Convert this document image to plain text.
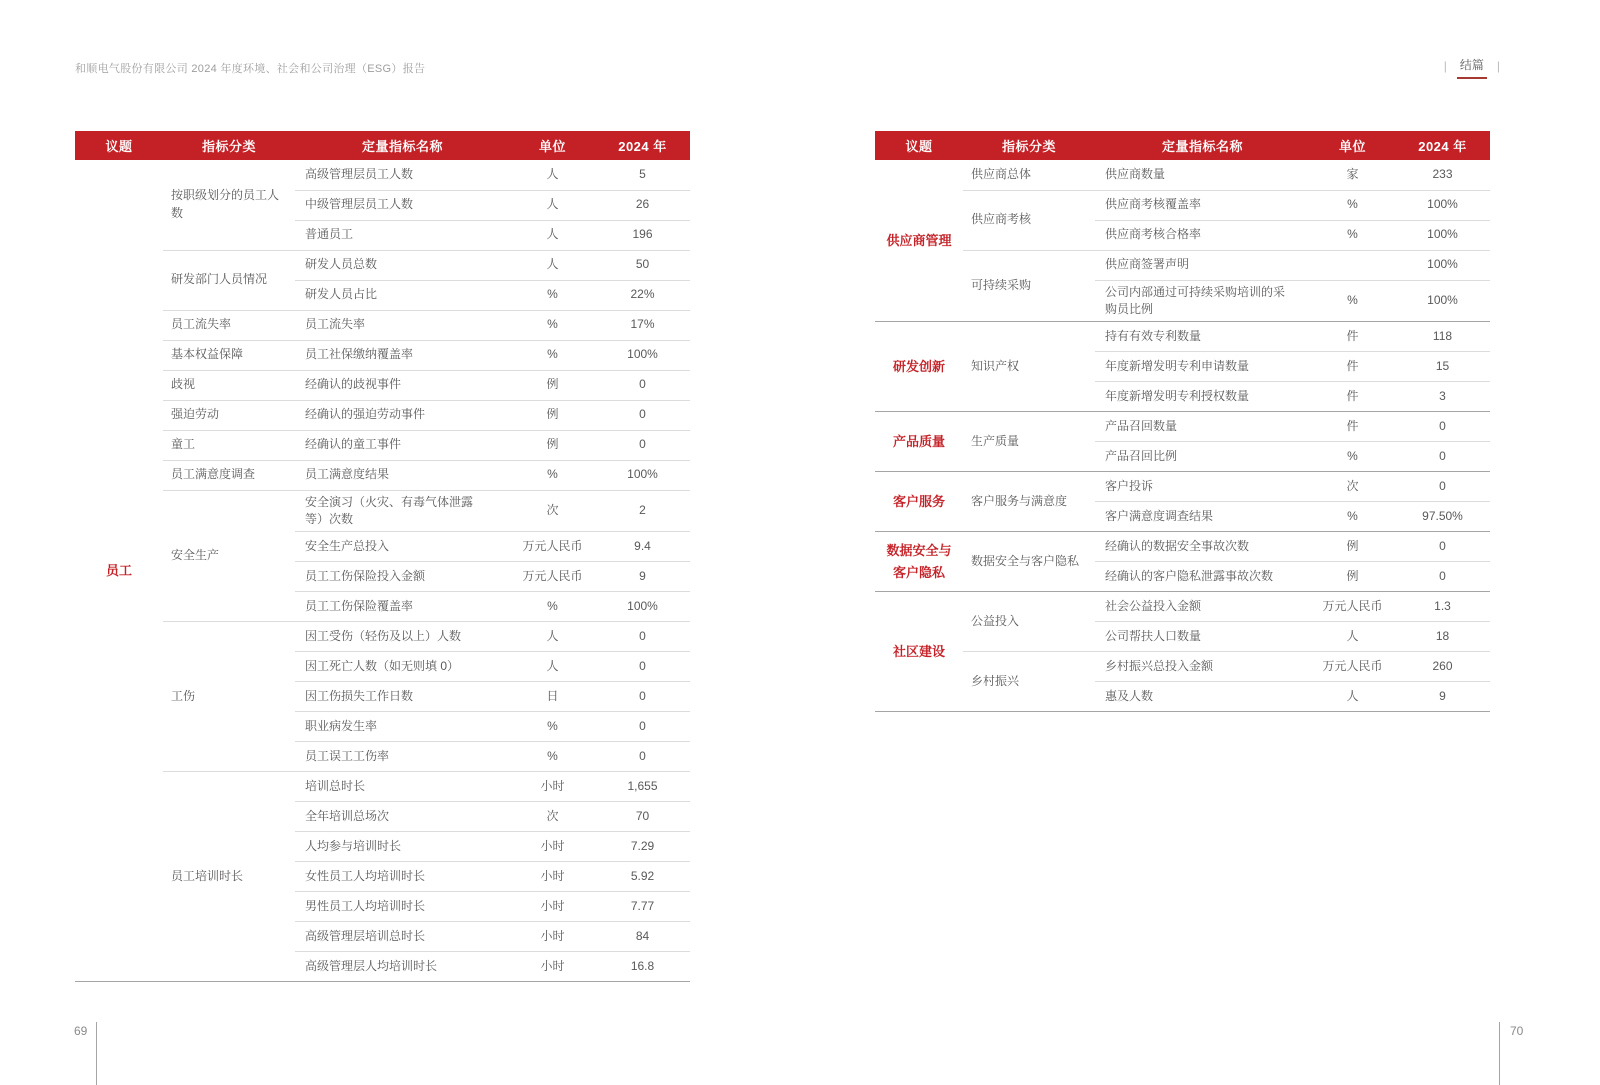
和顺电气股份有限公司 2024 年度环境、社会和公司治理（ESG）报告	| 结篇 |
议题	指标分类	定量指标名称	单位	2024 年
员工	按职级划分的员工人数	高级管理层员工人数	人	5
		中级管理层员工人数	人	26
		普通员工	人	196
	研发部门人员情况	研发人员总数	人	50
		研发人员占比	%	22%
	员工流失率	员工流失率	%	17%
	基本权益保障	员工社保缴纳覆盖率	%	100%
	歧视	经确认的歧视事件	例	0
	强迫劳动	经确认的强迫劳动事件	例	0
	童工	经确认的童工事件	例	0
	员工满意度调查	员工满意度结果	%	100%
	安全生产	安全演习（火灾、有毒气体泄露等）次数	次	2
		安全生产总投入	万元人民币	9.4
		员工工伤保险投入金额	万元人民币	9
		员工工伤保险覆盖率	%	100%
	工伤	因工受伤（轻伤及以上）人数	人	0
		因工死亡人数（如无则填 0）	人	0
		因工伤损失工作日数	日	0
		职业病发生率	%	0
		员工误工工伤率	%	0
	员工培训时长	培训总时长	小时	1,655
		全年培训总场次	次	70
		人均参与培训时长	小时	7.29
		女性员工人均培训时长	小时	5.92
		男性员工人均培训时长	小时	7.77
		高级管理层培训总时长	小时	84
		高级管理层人均培训时长	小时	16.8
议题	指标分类	定量指标名称	单位	2024 年
供应商管理	供应商总体	供应商数量	家	233
	供应商考核	供应商考核覆盖率	%	100%
		供应商考核合格率	%	100%
	可持续采购	供应商签署声明		100%
		公司内部通过可持续采购培训的采购员比例	%	100%
研发创新	知识产权	持有有效专利数量	件	118
		年度新增发明专利申请数量	件	15
		年度新增发明专利授权数量	件	3
产品质量	生产质量	产品召回数量	件	0
		产品召回比例	%	0
客户服务	客户服务与满意度	客户投诉	次	0
		客户满意度调查结果	%	97.50%
数据安全与客户隐私	数据安全与客户隐私	经确认的数据安全事故次数	例	0
		经确认的客户隐私泄露事故次数	例	0
社区建设	公益投入	社会公益投入金额	万元人民币	1.3
		公司帮扶人口数量	人	18
	乡村振兴	乡村振兴总投入金额	万元人民币	260
		惠及人数	人	9
69	70
